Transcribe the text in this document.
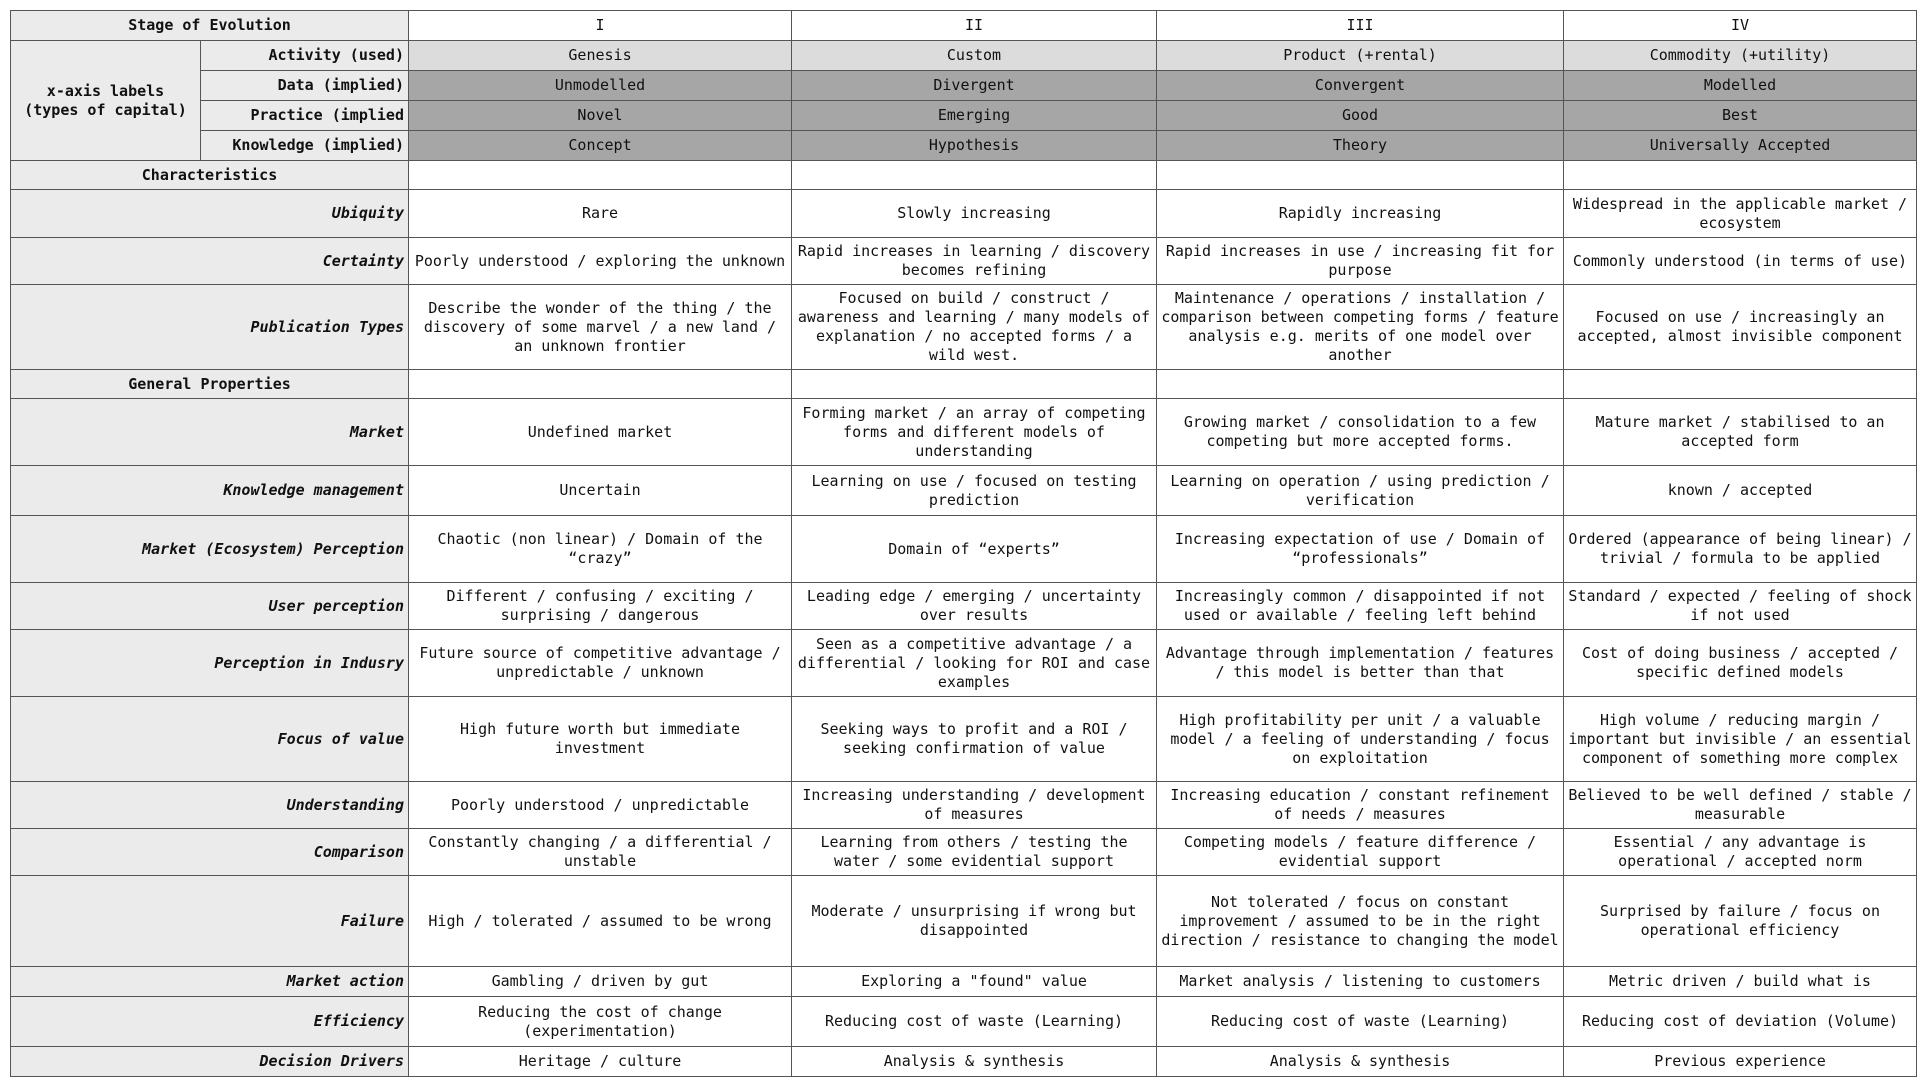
Stage of Evolution		I	II	III	IV
x-axis labels
(types of capital)	Activity (used)	Genesis	Custom	Product (+rental)	Commodity (+utility)
	Data (implied)	Unmodelled	Divergent	Convergent	Modelled
	Practice (implied	Novel	Emerging	Good	Best
	Knowledge (implied)	Concept	Hypothesis	Theory	Universally Accepted
Characteristics					
Ubiquity		Rare	Slowly increasing	Rapidly increasing	Widespread in the applicable market / ecosystem
Certainty		Poorly understood / exploring the unknown	Rapid increases in learning / discovery becomes refining	Rapid increases in use / increasing fit for purpose	Commonly understood (in terms of use)
Publication Types		Describe the wonder of the thing / the discovery of some marvel / a new land / an unknown frontier	Focused on build / construct / awareness and learning / many models of explanation / no accepted forms / a wild west.	Maintenance / operations / installation / comparison between competing forms / feature analysis e.g. merits of one model over another	Focused on use / increasingly an accepted, almost invisible component
General Properties					
Market		Undefined market	Forming market / an array of competing forms and different models of understanding	Growing market / consolidation to a few competing but more accepted forms.	Mature market / stabilised to an accepted form
Knowledge management		Uncertain	Learning on use / focused on testing prediction	Learning on operation / using prediction / verification	known / accepted
Market (Ecosystem) Perception		Chaotic (non linear) / Domain of the “crazy”	Domain of “experts”	Increasing expectation of use / Domain of “professionals”	Ordered (appearance of being linear) / trivial / formula to be applied
User perception		Different / confusing / exciting / surprising / dangerous	Leading edge / emerging / uncertainty over results	Increasingly common / disappointed if not used or available / feeling left behind	Standard / expected / feeling of shock if not used
Perception in Indusry		Future source of competitive advantage / unpredictable / unknown	Seen as a competitive advantage / a differential / looking for ROI and case examples	Advantage through implementation / features / this model is better than that	Cost of doing business / accepted / specific defined models
Focus of value		High future worth but immediate investment	Seeking ways to profit and a ROI / seeking confirmation of value	High profitability per unit / a valuable model / a feeling of understanding / focus on exploitation	High volume / reducing margin / important but invisible / an essential component of something more complex
Understanding		Poorly understood / unpredictable	Increasing understanding / development of measures	Increasing education / constant refinement of needs / measures	Believed to be well defined / stable / measurable
Comparison		Constantly changing / a differential / unstable	Learning from others / testing the water / some evidential support	Competing models / feature difference / evidential support	Essential / any advantage is operational / accepted norm
Failure		High / tolerated / assumed to be wrong	Moderate / unsurprising if wrong but disappointed	Not tolerated / focus on constant improvement / assumed to be in the right direction / resistance to changing the model	Surprised by failure / focus on operational efficiency
Market action		Gambling / driven by gut	Exploring a "found" value	Market analysis / listening to customers	Metric driven / build what is
Efficiency		Reducing the cost of change (experimentation)	Reducing cost of waste (Learning)	Reducing cost of waste (Learning)	Reducing cost of deviation (Volume)
Decision Drivers		Heritage / culture	Analysis & synthesis	Analysis & synthesis	Previous experience
